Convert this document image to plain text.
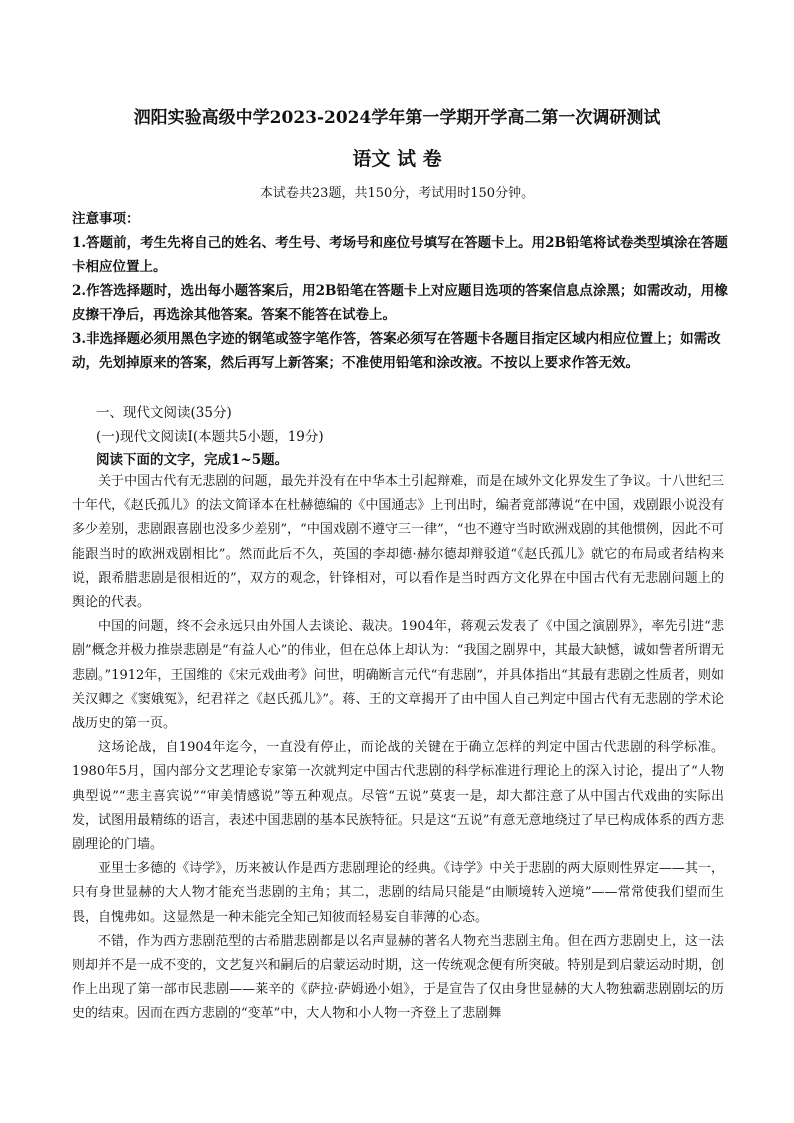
泗阳实验高级中学2023-2024学年第一学期开学高二第一次调研测试
语文 试 卷
本试卷共23题，共150分，考试用时150分钟。

注意事项：

1.答题前，考生先将自己的姓名、考生号、考场号和座位号填写在答题卡上。用2B铅笔将试卷类型填涂在答题卡相应位置上。

2.作答选择题时，选出每小题答案后，用2B铅笔在答题卡上对应题目选项的答案信息点涂黑；如需改动，用橡皮擦干净后，再选涂其他答案。答案不能答在试卷上。

3.非选择题必须用黑色字迹的钢笔或签字笔作答，答案必须写在答题卡各题目指定区域内相应位置上；如需改动，先划掉原来的答案，然后再写上新答案；不准使用铅笔和涂改液。不按以上要求作答无效。

一、现代文阅读(35分)
(一)现代文阅读Ⅰ(本题共5小题，19分)
阅读下面的文字，完成1~5题。

关于中国古代有无悲剧的问题，最先并没有在中华本土引起辩难，而是在域外文化界发生了争议。十八世纪三十年代，《赵氏孤儿》的法文简译本在杜赫德编的《中国通志》上刊出时，编者竟部薄说“在中国，戏剧跟小说没有多少差别，悲剧跟喜剧也没多少差别”，“中国戏剧不遵守三一律”，“也不遵守当时欧洲戏剧的其他惯例，因此不可能跟当时的欧洲戏剧相比”。然而此后不久，英国的李却德·赫尔德却辩驳道“《赵氏孤儿》就它的布局或者结构来说，跟希腊悲剧是很相近的”，双方的观念，针锋相对，可以看作是当时西方文化界在中国古代有无悲剧问题上的舆论的代表。

中国的问题，终不会永远只由外国人去谈论、裁决。1904年，蒋观云发表了《中国之演剧界》，率先引进“悲剧”概念并极力推崇悲剧是“有益人心”的伟业，但在总体上却认为：“我国之剧界中，其最大缺憾，诚如訾者所谓无悲剧。”1912年，王国维的《宋元戏曲考》问世，明确断言元代“有悲剧”，并具体指出“其最有悲剧之性质者，则如关汉卿之《窦娥冤》，纪君祥之《赵氏孤儿》”。蒋、王的文章揭开了由中国人自己判定中国古代有无悲剧的学术论战历史的第一页。

这场论战，自1904年迄今，一直没有停止，而论战的关键在于确立怎样的判定中国古代悲剧的科学标准。1980年5月，国内部分文艺理论专家第一次就判定中国古代悲剧的科学标准进行理论上的深入讨论，提出了“人物典型说”“悲主喜宾说”“审美情感说”等五种观点。尽管“五说”莫衷一是，却大都注意了从中国古代戏曲的实际出发，试图用最精练的语言，表述中国悲剧的基本民族特征。只是这“五说”有意无意地绕过了早已构成体系的西方悲剧理论的门墙。

亚里士多德的《诗学》，历来被认作是西方悲剧理论的经典。《诗学》中关于悲剧的两大原则性界定——其一，只有身世显赫的大人物才能充当悲剧的主角；其二，悲剧的结局只能是“由顺境转入逆境”——常常使我们望而生畏，自愧弗如。这显然是一种未能完全知己知彼而轻易妄自菲薄的心态。

不错，作为西方悲剧范型的古希腊悲剧都是以名声显赫的著名人物充当悲剧主角。但在西方悲剧史上，这一法则却并不是一成不变的，文艺复兴和嗣后的启蒙运动时期，这一传统观念便有所突破。特别是到启蒙运动时期，创作上出现了第一部市民悲剧——莱辛的《萨拉·萨姆逊小姐》，于是宣告了仅由身世显赫的大人物独霸悲剧剧坛的历史的结束。因而在西方悲剧的“变革”中，大人物和小人物一齐登上了悲剧舞
